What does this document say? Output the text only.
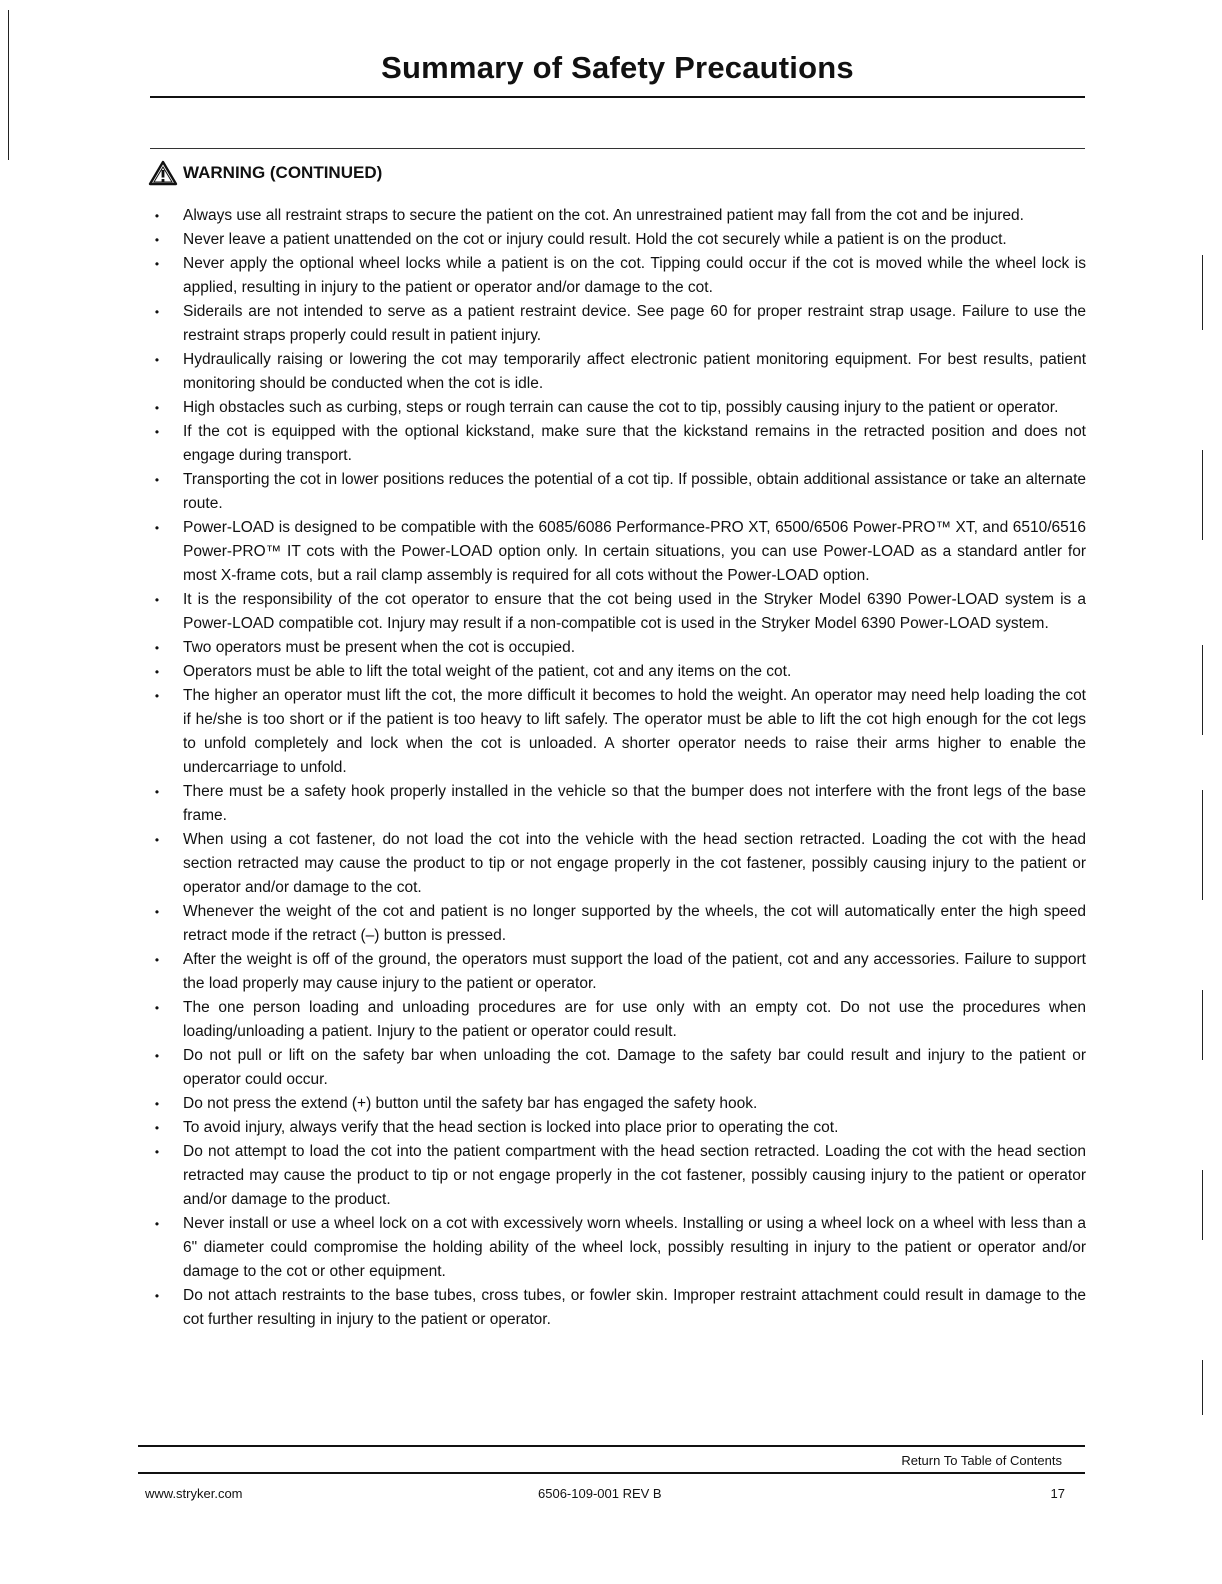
Summary of Safety Precautions
WARNING (CONTINUED)
• Always use all restraint straps to secure the patient on the cot. An unrestrained patient may fall from the cot and be injured.
• Never leave a patient unattended on the cot or injury could result. Hold the cot securely while a patient is on the product.
• Never apply the optional wheel locks while a patient is on the cot. Tipping could occur if the cot is moved while the wheel lock is applied, resulting in injury to the patient or operator and/or damage to the cot.
• Siderails are not intended to serve as a patient restraint device. See page 60 for proper restraint strap usage. Failure to use the restraint straps properly could result in patient injury.
• Hydraulically raising or lowering the cot may temporarily affect electronic patient monitoring equipment. For best results, patient monitoring should be conducted when the cot is idle.
• High obstacles such as curbing, steps or rough terrain can cause the cot to tip, possibly causing injury to the patient or operator.
• If the cot is equipped with the optional kickstand, make sure that the kickstand remains in the retracted position and does not engage during transport.
• Transporting the cot in lower positions reduces the potential of a cot tip. If possible, obtain additional assistance or take an alternate route.
• Power-LOAD is designed to be compatible with the 6085/6086 Performance-PRO XT, 6500/6506 Power-PRO™ XT, and 6510/6516 Power-PRO™ IT cots with the Power-LOAD option only. In certain situations, you can use Power-LOAD as a standard antler for most X-frame cots, but a rail clamp assembly is required for all cots without the Power-LOAD option.
• It is the responsibility of the cot operator to ensure that the cot being used in the Stryker Model 6390 Power-LOAD system is a Power-LOAD compatible cot. Injury may result if a non-compatible cot is used in the Stryker Model 6390 Power-LOAD system.
• Two operators must be present when the cot is occupied.
• Operators must be able to lift the total weight of the patient, cot and any items on the cot.
• The higher an operator must lift the cot, the more difficult it becomes to hold the weight. An operator may need help loading the cot if he/she is too short or if the patient is too heavy to lift safely. The operator must be able to lift the cot high enough for the cot legs to unfold completely and lock when the cot is unloaded. A shorter operator needs to raise their arms higher to enable the undercarriage to unfold.
• There must be a safety hook properly installed in the vehicle so that the bumper does not interfere with the front legs of the base frame.
• When using a cot fastener, do not load the cot into the vehicle with the head section retracted. Loading the cot with the head section retracted may cause the product to tip or not engage properly in the cot fastener, possibly causing injury to the patient or operator and/or damage to the cot.
• Whenever the weight of the cot and patient is no longer supported by the wheels, the cot will automatically enter the high speed retract mode if the retract (–) button is pressed.
• After the weight is off of the ground, the operators must support the load of the patient, cot and any accessories. Failure to support the load properly may cause injury to the patient or operator.
• The one person loading and unloading procedures are for use only with an empty cot. Do not use the procedures when loading/unloading a patient. Injury to the patient or operator could result.
• Do not pull or lift on the safety bar when unloading the cot. Damage to the safety bar could result and injury to the patient or operator could occur.
• Do not press the extend (+) button until the safety bar has engaged the safety hook.
• To avoid injury, always verify that the head section is locked into place prior to operating the cot.
• Do not attempt to load the cot into the patient compartment with the head section retracted. Loading the cot with the head section retracted may cause the product to tip or not engage properly in the cot fastener, possibly causing injury to the patient or operator and/or damage to the product.
• Never install or use a wheel lock on a cot with excessively worn wheels. Installing or using a wheel lock on a wheel with less than a 6" diameter could compromise the holding ability of the wheel lock, possibly resulting in injury to the patient or operator and/or damage to the cot or other equipment.
• Do not attach restraints to the base tubes, cross tubes, or fowler skin. Improper restraint attachment could result in damage to the cot further resulting in injury to the patient or operator.
Return To Table of Contents
www.stryker.com	6506-109-001 REV B	17
